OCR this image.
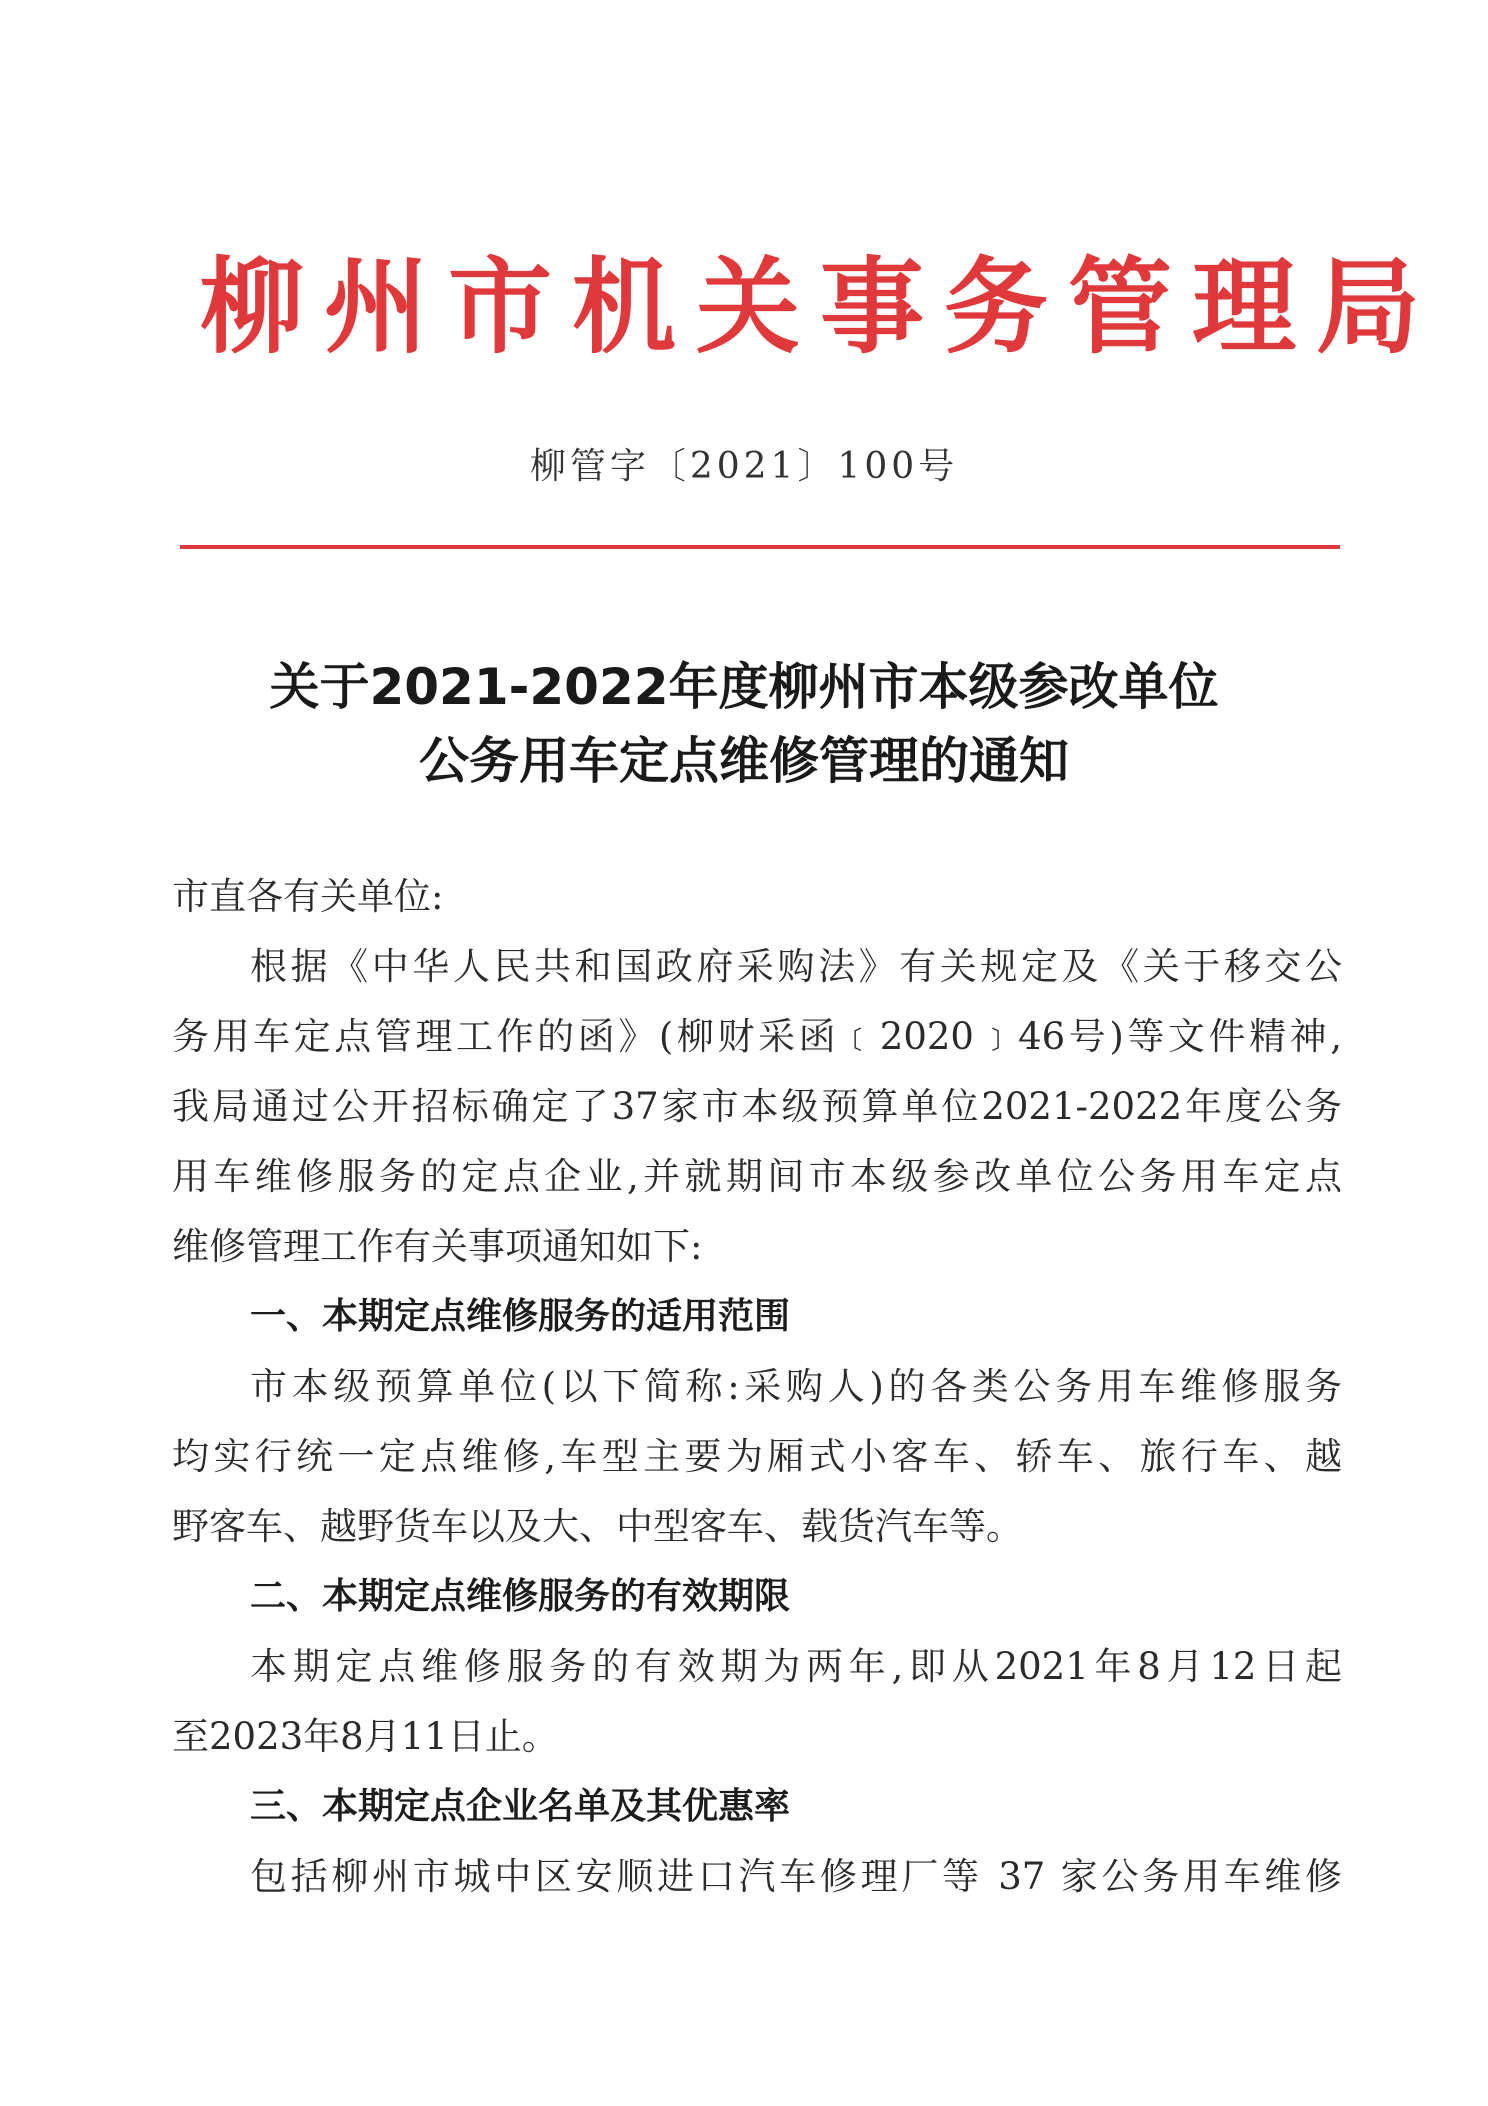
柳州市机关事务管理局
柳管字〔2021〕100号
关于2021-2022年度柳州市本级参改单位
公务用车定点维修管理的通知
市直各有关单位:
根据《中华人民共和国政府采购法》有关规定及《关于移交公
务用车定点管理工作的函》(柳财采函﹝2020﹞46号)等文件精神,
我局通过公开招标确定了37家市本级预算单位2021-2022年度公务
用车维修服务的定点企业,并就期间市本级参改单位公务用车定点
维修管理工作有关事项通知如下:
一、本期定点维修服务的适用范围
市本级预算单位(以下简称:采购人)的各类公务用车维修服务
均实行统一定点维修,车型主要为厢式小客车、轿车、旅行车、越
野客车、越野货车以及大、中型客车、载货汽车等。
二、本期定点维修服务的有效期限
本期定点维修服务的有效期为两年,即从2021年8月12日起
至2023年8月11日止。
三、本期定点企业名单及其优惠率
包括柳州市城中区安顺进口汽车修理厂等 37 家公务用车维修
